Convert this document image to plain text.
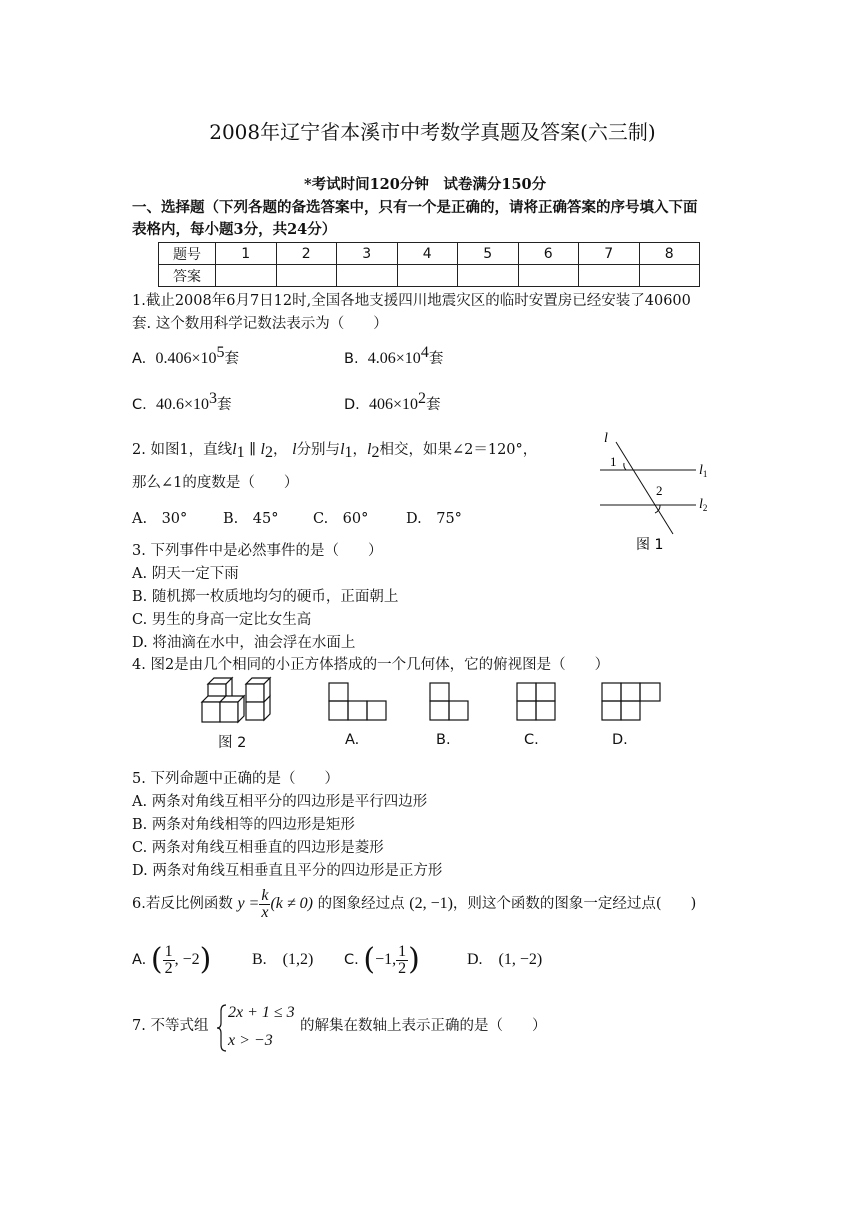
2008年辽宁省本溪市中考数学真题及答案(六三制)
*考试时间120分钟　试卷满分150分
一、选择题（下列各题的备选答案中，只有一个是正确的，请将正确答案的序号填入下面
表格内，每小题3分，共24分）
题号	1	2	3	4	5	6	7	8
答案								
1.截止2008年6月7日12时,全国各地支援四川地震灾区的临时安置房已经安装了40600
套. 这个数用科学记数法表示为（　　）
A. $0.406\times 10^5$套	B. $4.06\times 10^4$套
C. $40.6\times 10^3$套	D. $406\times 10^2$套
2. 如图1，直线$l_1$ ∥ $l_2$， l分别与$l_1$，$l_2$相交，如果∠2＝120°，
那么∠1的度数是（　　）
A.　30° B.　45° C.　60°	D.　75°
l
1
2
$l_1$
$l_2$
图 1
3. 下列事件中是必然事件的是（　　）
A. 阴天一定下雨
B. 随机掷一枚质地均匀的硬币，正面朝上
C. 男生的身高一定比女生高
D. 将油滴在水中，油会浮在水面上
4. 图2是由几个相同的小正方体搭成的一个几何体，它的俯视图是（　　）
图 2	A.	B.	C.	D.
5. 下列命题中正确的是（　　）
A. 两条对角线互相平分的四边形是平行四边形
B. 两条对角线相等的四边形是矩形
C. 两条对角线互相垂直的四边形是菱形
D. 两条对角线互相垂直且平分的四边形是正方形
6.若反比例函数
$y = \frac{k}{x} (k \ne 0)$
的图象经过点
(2, −1) ，则这个函数的图象一定经过点(　　)
A.
( $\frac{1}{2}$ , −2 )	B.　(1,2) C.
( −1, $\frac{1}{2}$ )	D.　(1, −2)
7. 不等式组
2x + 1 ≤ 3
x > −3
的解集在数轴上表示正确的是（　　）
